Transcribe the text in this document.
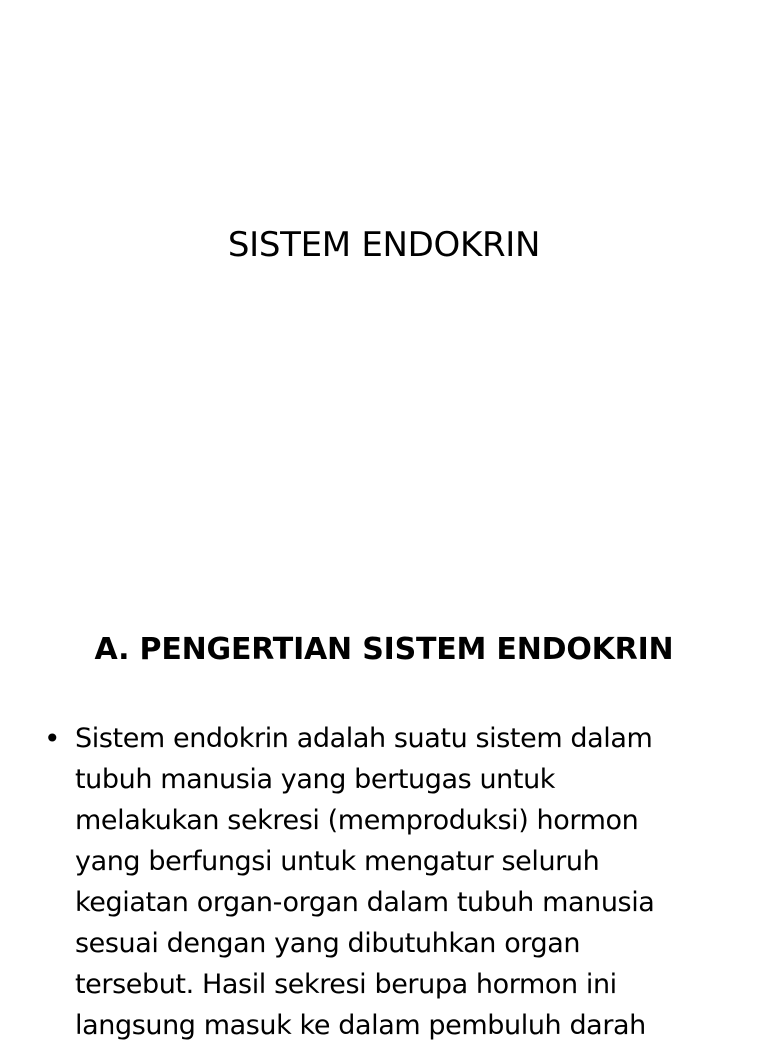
SISTEM ENDOKRIN
A. PENGERTIAN SISTEM ENDOKRIN
• Sistem endokrin adalah suatu sistem dalam
tubuh manusia yang bertugas untuk
melakukan sekresi (memproduksi) hormon
yang berfungsi untuk mengatur seluruh
kegiatan organ-organ dalam tubuh manusia
sesuai dengan yang dibutuhkan organ
tersebut. Hasil sekresi berupa hormon ini
langsung masuk ke dalam pembuluh darah
